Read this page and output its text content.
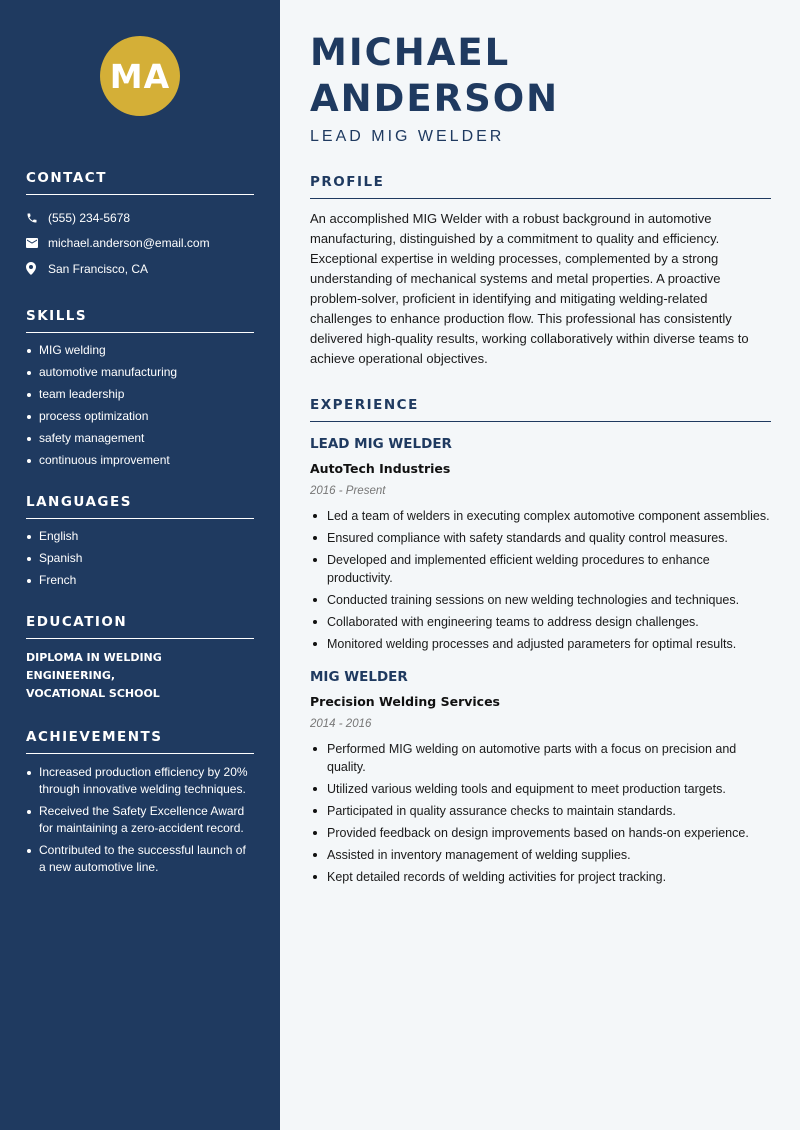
MA
CONTACT
(555) 234-5678
michael.anderson@email.com
San Francisco, CA
SKILLS
MIG welding
automotive manufacturing
team leadership
process optimization
safety management
continuous improvement
LANGUAGES
English
Spanish
French
EDUCATION
DIPLOMA IN WELDING ENGINEERING,
VOCATIONAL SCHOOL
ACHIEVEMENTS
Increased production efficiency by 20% through innovative welding techniques.
Received the Safety Excellence Award for maintaining a zero-accident record.
Contributed to the successful launch of a new automotive line.
MICHAEL ANDERSON
LEAD MIG WELDER
PROFILE

An accomplished MIG Welder with a robust background in automotive manufacturing, distinguished by a commitment to quality and efficiency. Exceptional expertise in welding processes, complemented by a strong understanding of mechanical systems and metal properties. A proactive problem-solver, proficient in identifying and mitigating welding-related challenges to enhance production flow. This professional has consistently delivered high-quality results, working collaboratively within diverse teams to achieve operational objectives.

EXPERIENCE
LEAD MIG WELDER
AutoTech Industries
2016 - Present
Led a team of welders in executing complex automotive component assemblies.
Ensured compliance with safety standards and quality control measures.
Developed and implemented efficient welding procedures to enhance productivity.
Conducted training sessions on new welding technologies and techniques.
Collaborated with engineering teams to address design challenges.
Monitored welding processes and adjusted parameters for optimal results.
MIG WELDER
Precision Welding Services
2014 - 2016
Performed MIG welding on automotive parts with a focus on precision and quality.
Utilized various welding tools and equipment to meet production targets.
Participated in quality assurance checks to maintain standards.
Provided feedback on design improvements based on hands-on experience.
Assisted in inventory management of welding supplies.
Kept detailed records of welding activities for project tracking.
